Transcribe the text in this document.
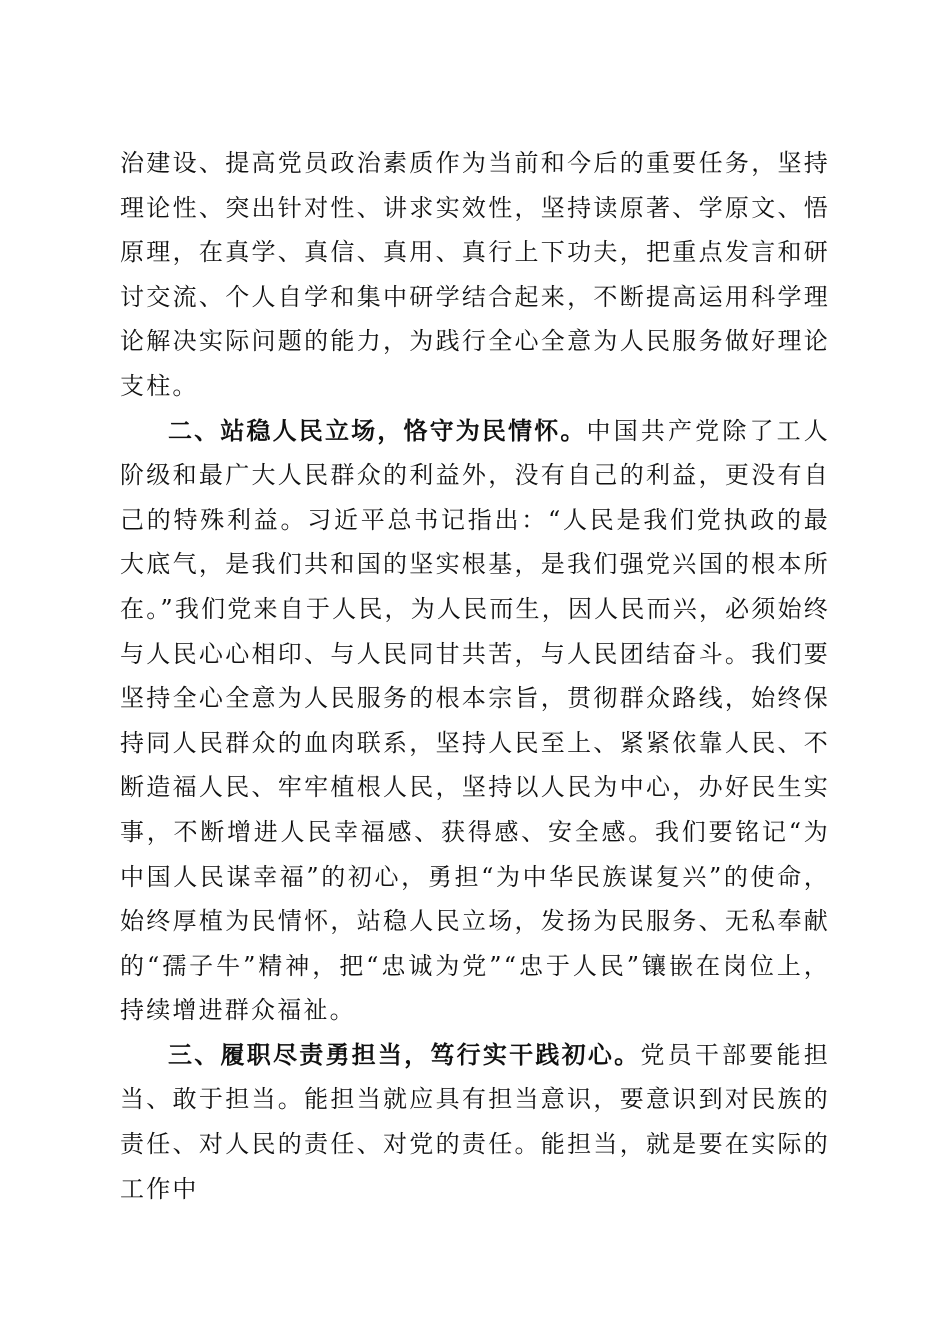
治建设、提高党员政治素质作为当前和今后的重要任务，坚持理论性、突出针对性、讲求实效性，坚持读原著、学原文、悟原理，在真学、真信、真用、真行上下功夫，把重点发言和研讨交流、个人自学和集中研学结合起来，不断提高运用科学理论解决实际问题的能力，为践行全心全意为人民服务做好理论支柱。

二、站稳人民立场，恪守为民情怀。中国共产党除了工人阶级和最广大人民群众的利益外，没有自己的利益，更没有自己的特殊利益。习近平总书记指出：“人民是我们党执政的最大底气，是我们共和国的坚实根基，是我们强党兴国的根本所在。”我们党来自于人民，为人民而生，因人民而兴，必须始终与人民心心相印、与人民同甘共苦，与人民团结奋斗。我们要坚持全心全意为人民服务的根本宗旨，贯彻群众路线，始终保持同人民群众的血肉联系，坚持人民至上、紧紧依靠人民、不断造福人民、牢牢植根人民，坚持以人民为中心，办好民生实事，不断增进人民幸福感、获得感、安全感。我们要铭记“为中国人民谋幸福”的初心，勇担“为中华民族谋复兴”的使命，始终厚植为民情怀，站稳人民立场，发扬为民服务、无私奉献的“孺子牛”精神，把“忠诚为党”“忠于人民”镶嵌在岗位上，持续增进群众福祉。

三、履职尽责勇担当，笃行实干践初心。党员干部要能担当、敢于担当。能担当就应具有担当意识，要意识到对民族的责任、对人民的责任、对党的责任。能担当，就是要在实际的工作中
